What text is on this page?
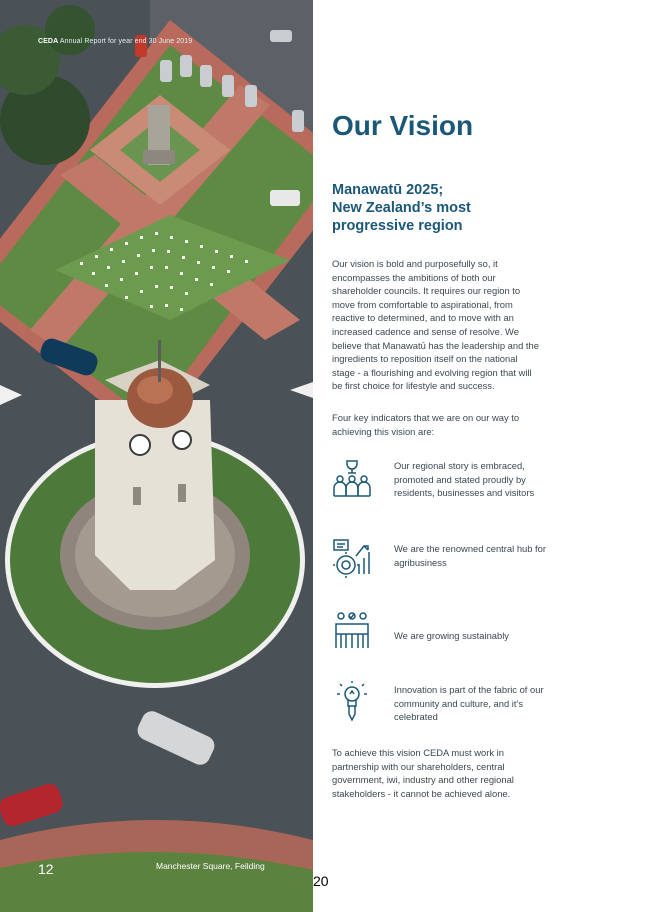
CEDA Annual Report for year end 30 June 2019
12	Manchester Square, Feilding
20
Our Vision
Manawatū 2025;
New Zealand’s most
progressive region

Our vision is bold and purposefully so, it encompasses the ambitions of both our shareholder councils. It requires our region to move from comfortable to aspirational, from reactive to determined, and to move with an increased cadence and sense of resolve. We believe that Manawatū has the leadership and the ingredients to reposition itself on the national stage - a flourishing and evolving region that will be first choice for lifestyle and success.

Four key indicators that we are on our way to achieving this vision are:

Our regional story is embraced, promoted and stated proudly by residents, businesses and visitors
We are the renowned central hub for agribusiness
We are growing sustainably
Innovation is part of the fabric of our community and culture, and it’s celebrated

To achieve this vision CEDA must work in partnership with our shareholders, central government, iwi, industry and other regional stakeholders - it cannot be achieved alone.
